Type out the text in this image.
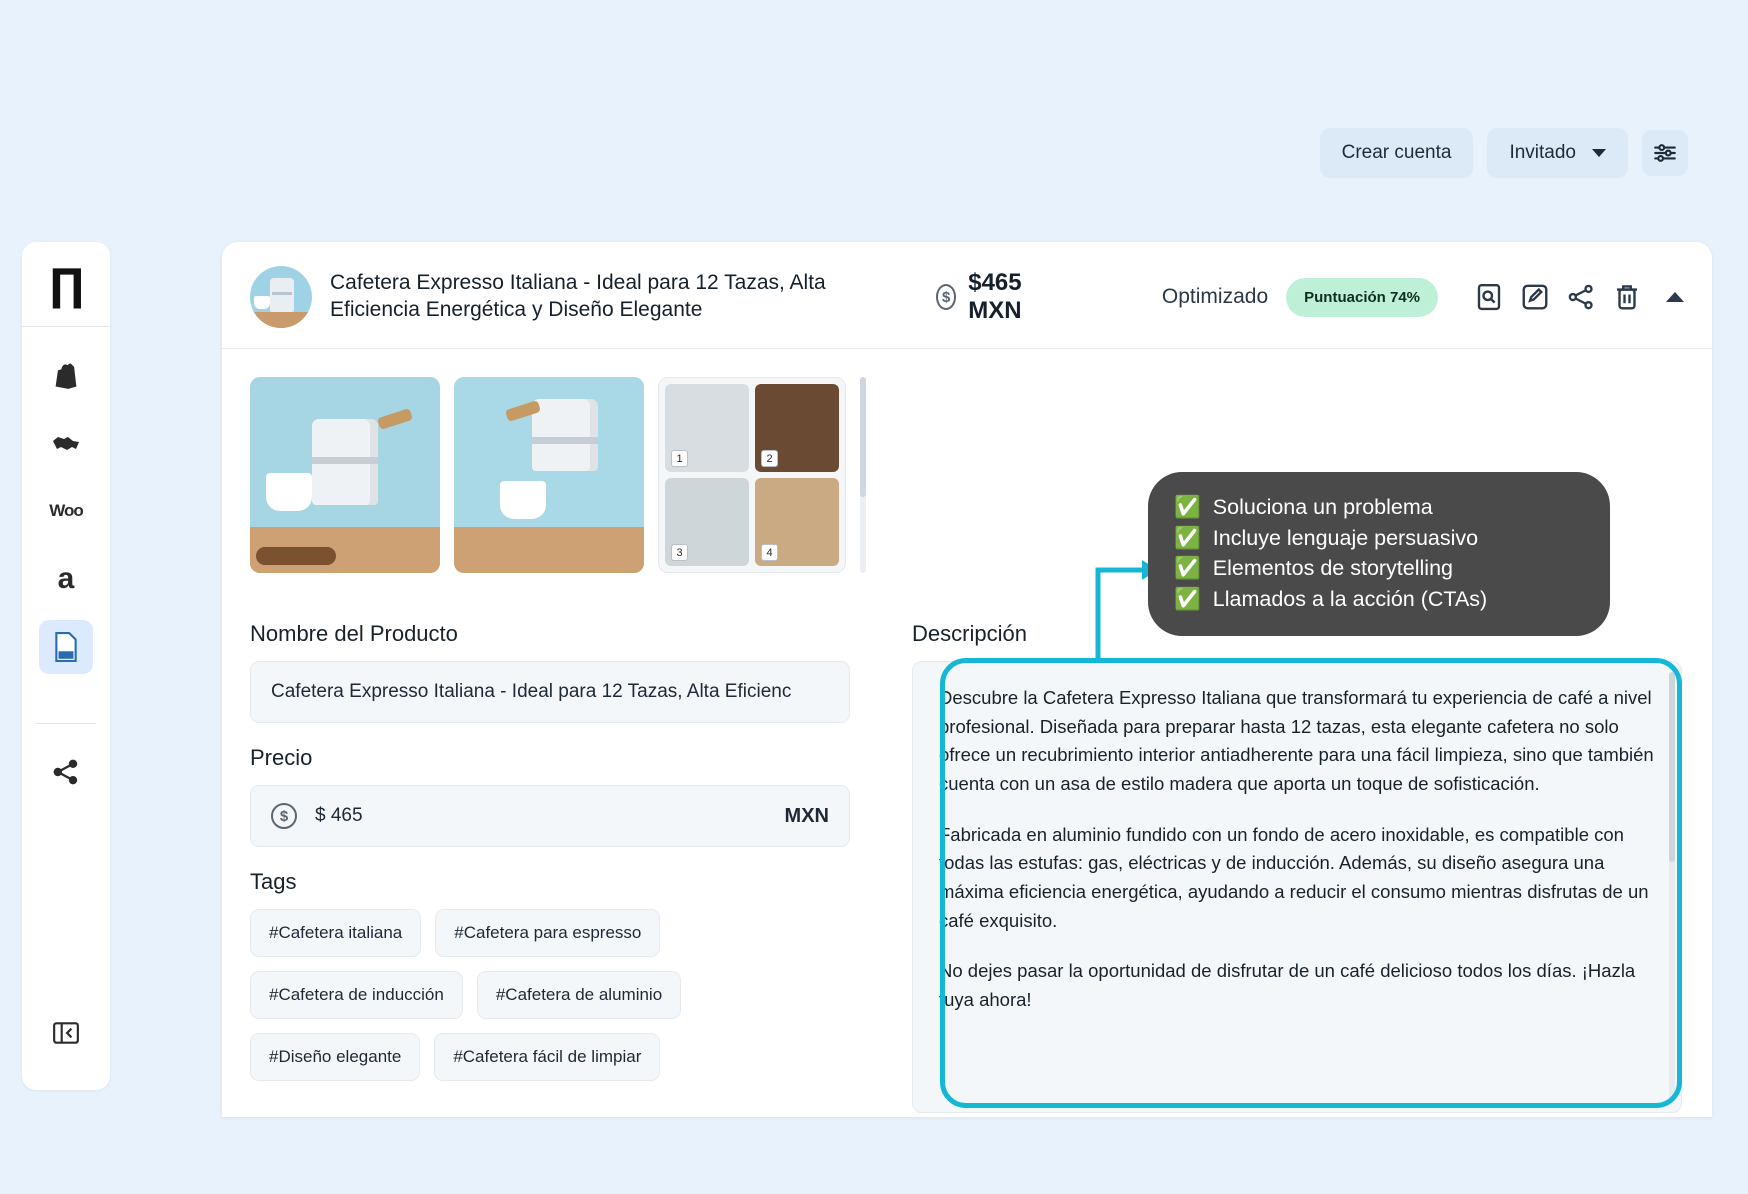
Crear cuenta	Invitado
∏
Woo
a
Cafetera Expresso Italiana - Ideal para 12 Tazas, Alta Eficiencia Energética y Diseño Elegante
$
$465 MXN
Optimizado	Puntuación 74%
1	2
3	4
Nombre del Producto
Cafetera Expresso Italiana - Ideal para 12 Tazas, Alta Eficienc
Precio
$	$ 465	MXN
Tags
#Cafetera italiana	#Cafetera para espresso
#Cafetera de inducción	#Cafetera de aluminio
#Diseño elegante	#Cafetera fácil de limpiar
Descripción

Descubre la Cafetera Expresso Italiana que transformará tu experiencia de café a nivel profesional. Diseñada para preparar hasta 12 tazas, esta elegante cafetera no solo ofrece un recubrimiento interior antiadherente para una fácil limpieza, sino que también cuenta con un asa de estilo madera que aporta un toque de sofisticación.

Fabricada en aluminio fundido con un fondo de acero inoxidable, es compatible con todas las estufas: gas, eléctricas y de inducción. Además, su diseño asegura una máxima eficiencia energética, ayudando a reducir el consumo mientras disfrutas de un café exquisito.

No dejes pasar la oportunidad de disfrutar de un café delicioso todos los días. ¡Hazla tuya ahora!

✅ Soluciona un problema
✅ Incluye lenguaje persuasivo
✅ Elementos de storytelling
✅ Llamados a la acción (CTAs)
